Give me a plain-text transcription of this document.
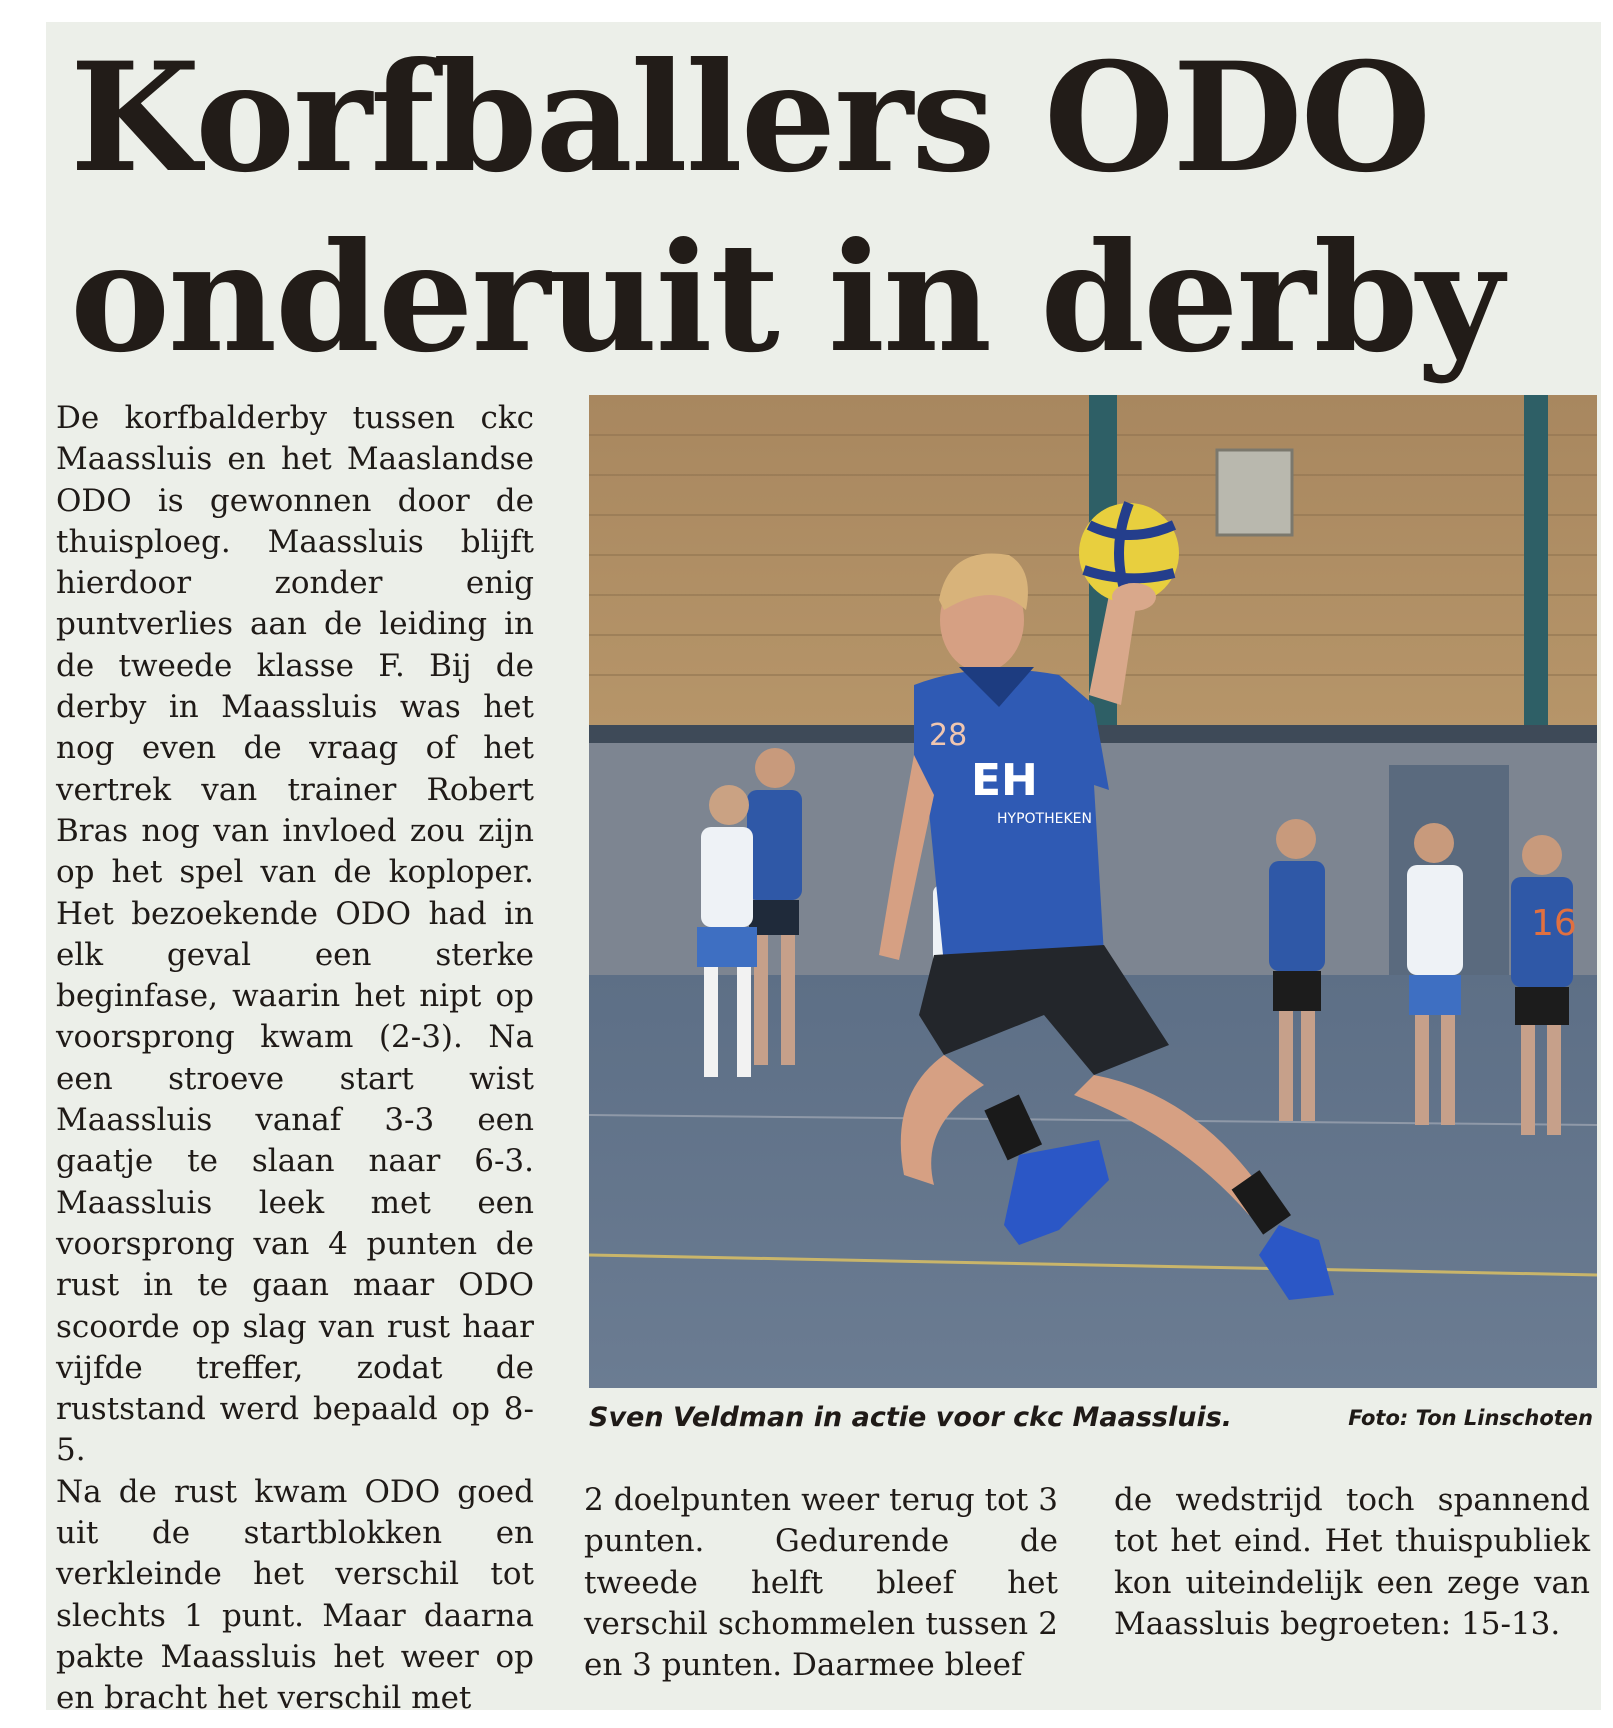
Korfballers ODO
onderuit in derby

De korfbalderby tussen ckc Maassluis en het Maaslandse ODO is gewonnen door de thuisploeg. Maassluis blijft hierdoor zonder enig puntverlies aan de leiding in de tweede klasse F. Bij de derby in Maassluis was het nog even de vraag of het vertrek van trainer Robert Bras nog van invloed zou zijn op het spel van de koploper. Het bezoekende ODO had in elk geval een sterke beginfase, waarin het nipt op voorsprong kwam (2-3). Na een stroeve start wist Maassluis vanaf 3-3 een gaatje te slaan naar 6-3. Maassluis leek met een voorsprong van 4 punten de rust in te gaan maar ODO scoorde op slag van rust haar vijfde treffer, zodat de ruststand werd bepaald op 8-5.

Na de rust kwam ODO goed uit de startblokken en verkleinde het verschil tot slechts 1 punt. Maar daarna pakte Maassluis het weer op en bracht het verschil met

16
28
EH
HYPOTHEKEN
Sven Veldman in actie voor ckc Maassluis.	Foto: Ton Linschoten

2 doelpunten weer terug tot 3 punten. Gedurende de tweede helft bleef het verschil schommelen tussen 2 en 3 punten. Daarmee bleef

de wedstrijd toch spannend tot het eind. Het thuispubliek kon uiteindelijk een zege van Maassluis begroeten: 15-13.
